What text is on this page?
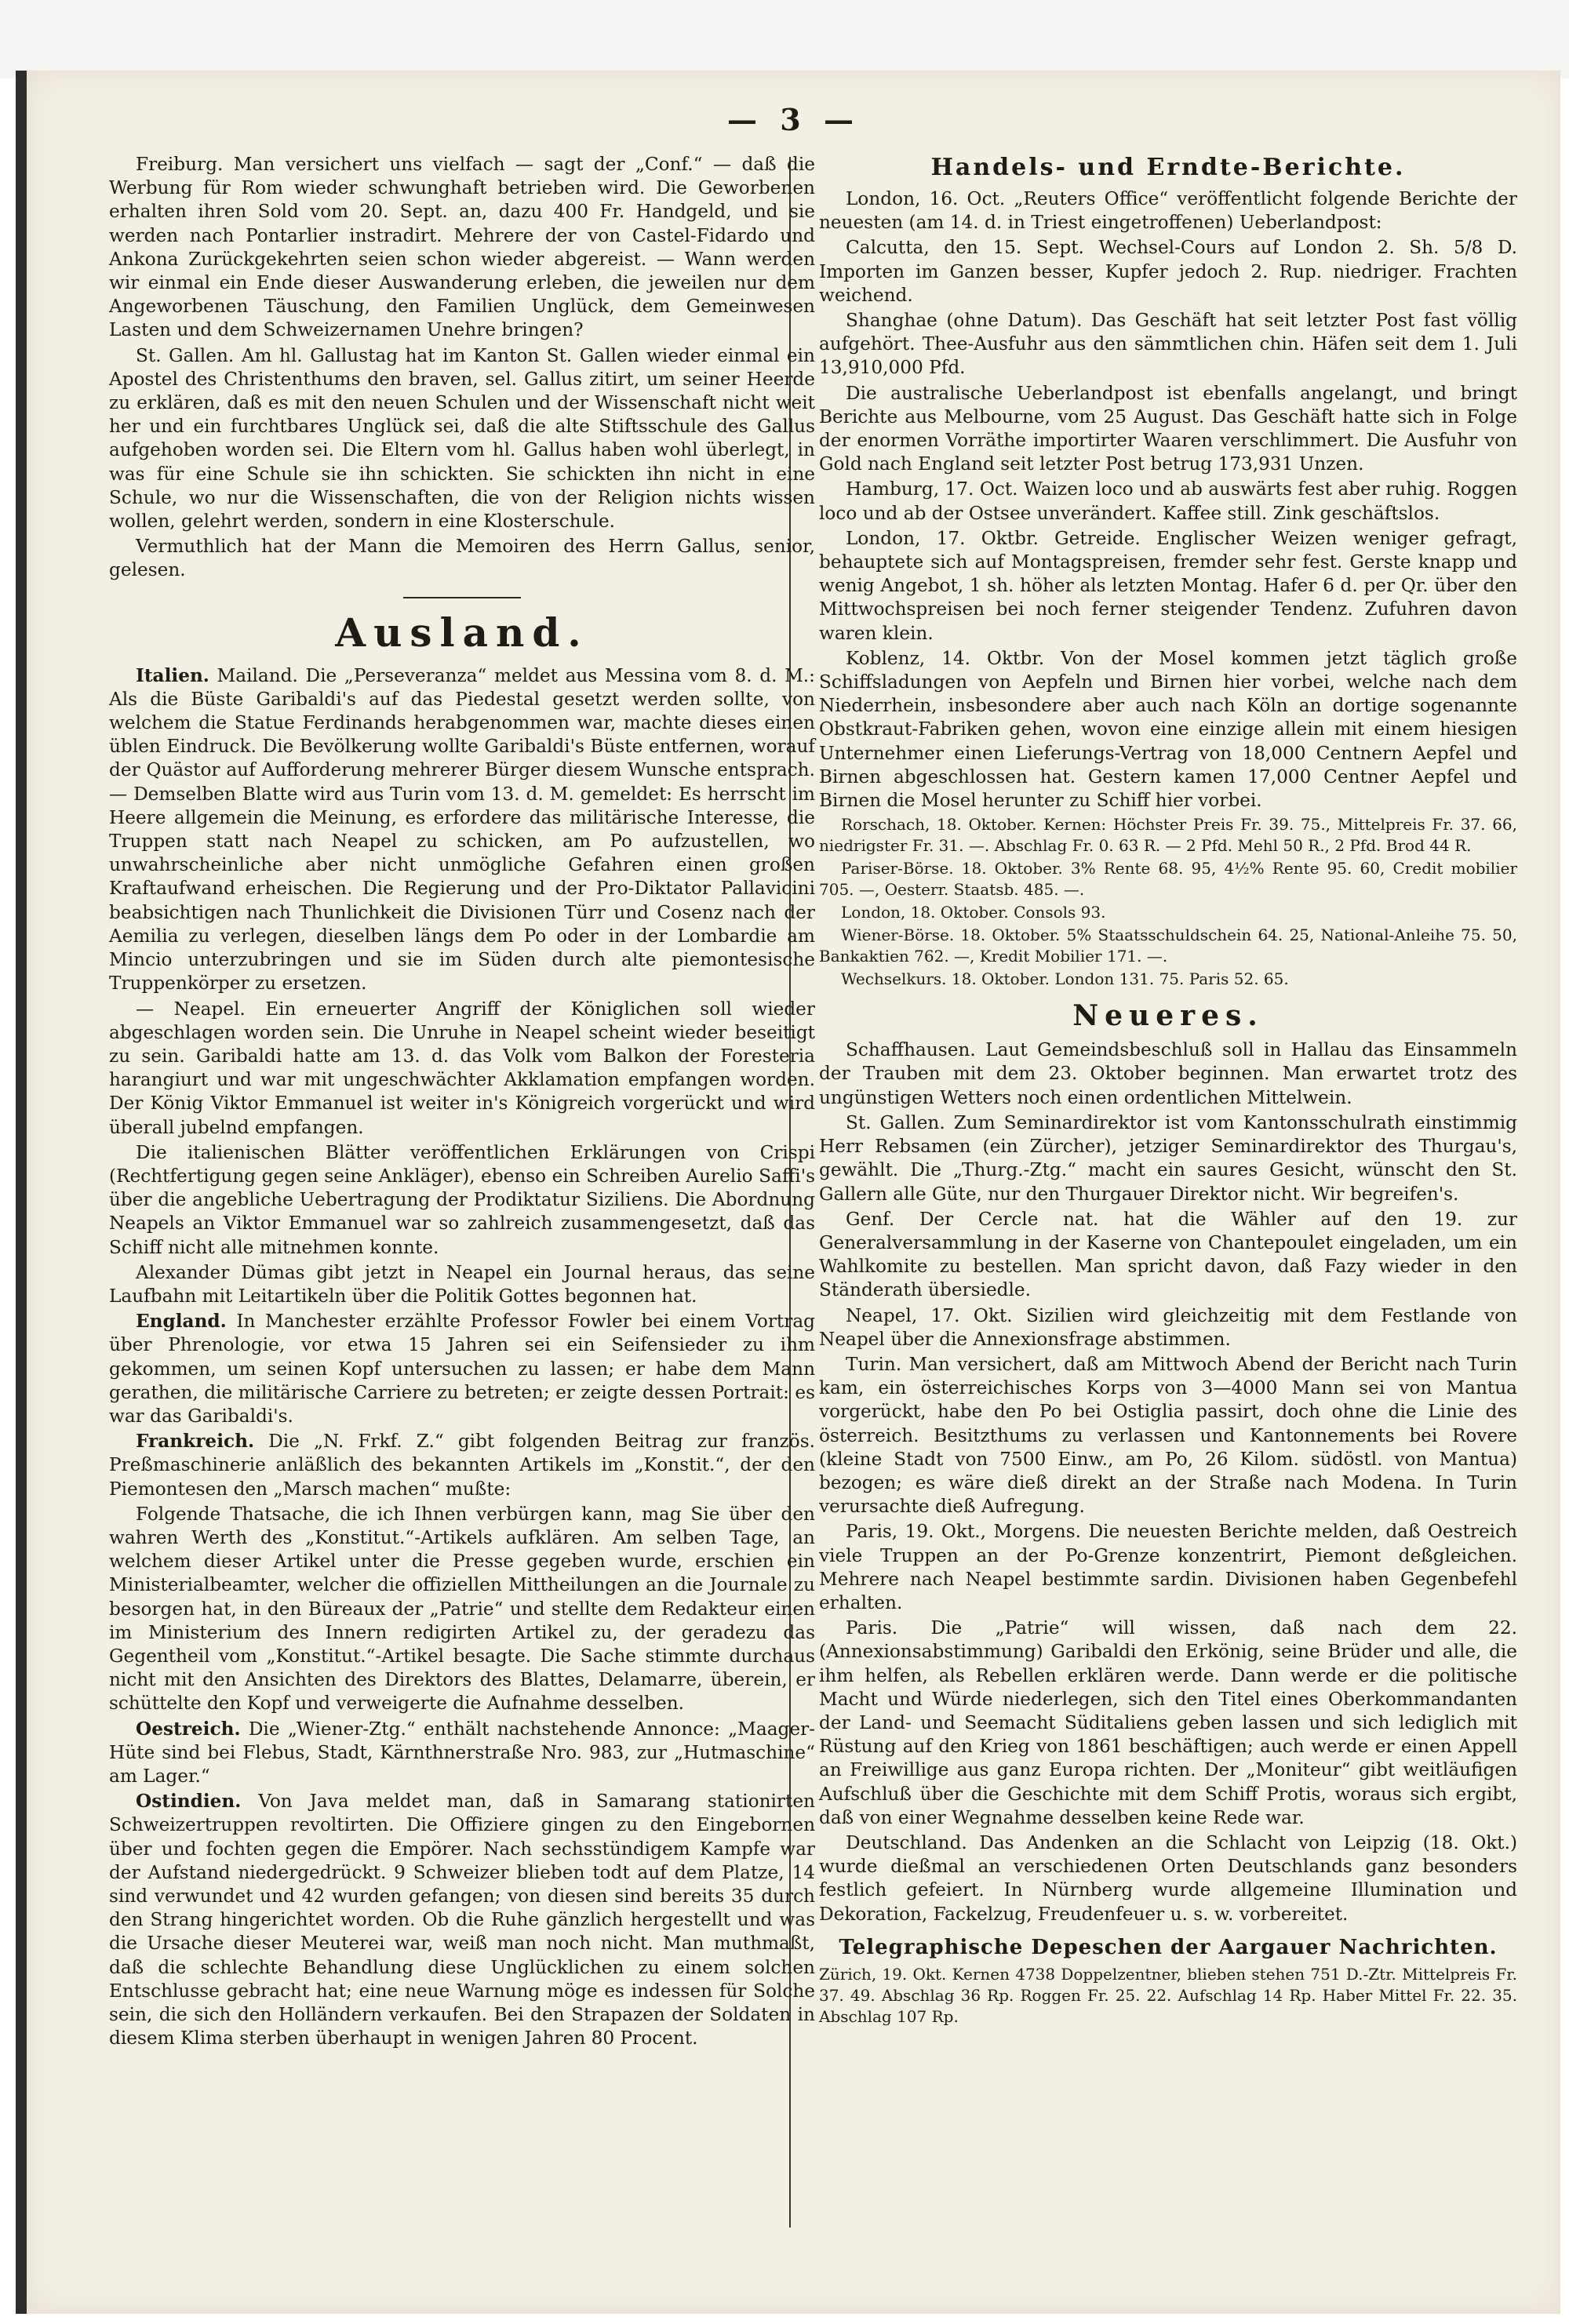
— 3 —

Freiburg. Man versichert uns vielfach — sagt der „Conf.“ — daß die Werbung für Rom wieder schwunghaft betrieben wird. Die Geworbenen erhalten ihren Sold vom 20. Sept. an, dazu 400 Fr. Handgeld, und sie werden nach Pontarlier instradirt. Mehrere der von Castel-Fidardo und Ankona Zurückgekehrten seien schon wieder abgereist. — Wann werden wir einmal ein Ende dieser Auswanderung erleben, die jeweilen nur dem Angeworbenen Täuschung, den Familien Unglück, dem Gemeinwesen Lasten und dem Schweizernamen Unehre bringen?

St. Gallen. Am hl. Gallustag hat im Kanton St. Gallen wieder einmal ein Apostel des Christenthums den braven, sel. Gallus zitirt, um seiner Heerde zu erklären, daß es mit den neuen Schulen und der Wissenschaft nicht weit her und ein furchtbares Unglück sei, daß die alte Stiftsschule des Gallus aufgehoben worden sei. Die Eltern vom hl. Gallus haben wohl überlegt, in was für eine Schule sie ihn schickten. Sie schickten ihn nicht in eine Schule, wo nur die Wissenschaften, die von der Religion nichts wissen wollen, gelehrt werden, sondern in eine Klosterschule.

Vermuthlich hat der Mann die Memoiren des Herrn Gallus, senior, gelesen.

Ausland.

Italien. Mailand. Die „Perseveranza“ meldet aus Messina vom 8. d. M.: Als die Büste Garibaldi's auf das Piedestal gesetzt werden sollte, von welchem die Statue Ferdinands herabgenommen war, machte dieses einen üblen Eindruck. Die Bevölkerung wollte Garibaldi's Büste entfernen, worauf der Quästor auf Aufforderung mehrerer Bürger diesem Wunsche entsprach. — Demselben Blatte wird aus Turin vom 13. d. M. gemeldet: Es herrscht im Heere allgemein die Meinung, es erfordere das militärische Interesse, die Truppen statt nach Neapel zu schicken, am Po aufzustellen, wo unwahrscheinliche aber nicht unmögliche Gefahren einen großen Kraftaufwand erheischen. Die Regierung und der Pro-Diktator Pallavicini beabsichtigen nach Thunlichkeit die Divisionen Türr und Cosenz nach der Aemilia zu verlegen, dieselben längs dem Po oder in der Lombardie am Mincio unterzubringen und sie im Süden durch alte piemontesische Truppenkörper zu ersetzen.

— Neapel. Ein erneuerter Angriff der Königlichen soll wieder abgeschlagen worden sein. Die Unruhe in Neapel scheint wieder beseitigt zu sein. Garibaldi hatte am 13. d. das Volk vom Balkon der Foresteria harangiurt und war mit ungeschwächter Akklamation empfangen worden. Der König Viktor Emmanuel ist weiter in's Königreich vorgerückt und wird überall jubelnd empfangen.

Die italienischen Blätter veröffentlichen Erklärungen von Crispi (Rechtfertigung gegen seine Ankläger), ebenso ein Schreiben Aurelio Saffi's über die angebliche Uebertragung der Prodiktatur Siziliens. Die Abordnung Neapels an Viktor Emmanuel war so zahlreich zusammengesetzt, daß das Schiff nicht alle mitnehmen konnte.

Alexander Dümas gibt jetzt in Neapel ein Journal heraus, das seine Laufbahn mit Leitartikeln über die Politik Gottes begonnen hat.

England. In Manchester erzählte Professor Fowler bei einem Vortrag über Phrenologie, vor etwa 15 Jahren sei ein Seifensieder zu ihm gekommen, um seinen Kopf untersuchen zu lassen; er habe dem Mann gerathen, die militärische Carriere zu betreten; er zeigte dessen Portrait: es war das Garibaldi's.

Frankreich. Die „N. Frkf. Z.“ gibt folgenden Beitrag zur französ. Preßmaschinerie anläßlich des bekannten Artikels im „Konstit.“, der den Piemontesen den „Marsch machen“ mußte:

Folgende Thatsache, die ich Ihnen verbürgen kann, mag Sie über den wahren Werth des „Konstitut.“-Artikels aufklären. Am selben Tage, an welchem dieser Artikel unter die Presse gegeben wurde, erschien ein Ministerialbeamter, welcher die offiziellen Mittheilungen an die Journale zu besorgen hat, in den Büreaux der „Patrie“ und stellte dem Redakteur einen im Ministerium des Innern redigirten Artikel zu, der geradezu das Gegentheil vom „Konstitut.“-Artikel besagte. Die Sache stimmte durchaus nicht mit den Ansichten des Direktors des Blattes, Delamarre, überein, er schüttelte den Kopf und verweigerte die Aufnahme desselben.

Oestreich. Die „Wiener-Ztg.“ enthält nachstehende Annonce: „Maager-Hüte sind bei Flebus, Stadt, Kärnthnerstraße Nro. 983, zur „Hutmaschine“ am Lager.“

Ostindien. Von Java meldet man, daß in Samarang stationirten Schweizertruppen revoltirten. Die Offiziere gingen zu den Eingebornen über und fochten gegen die Empörer. Nach sechsstündigem Kampfe war der Aufstand niedergedrückt. 9 Schweizer blieben todt auf dem Platze, 14 sind verwundet und 42 wurden gefangen; von diesen sind bereits 35 durch den Strang hingerichtet worden. Ob die Ruhe gänzlich hergestellt und was die Ursache dieser Meuterei war, weiß man noch nicht. Man muthmaßt, daß die schlechte Behandlung diese Unglücklichen zu einem solchen Entschlusse gebracht hat; eine neue Warnung möge es indessen für Solche sein, die sich den Holländern verkaufen. Bei den Strapazen der Soldaten in diesem Klima sterben überhaupt in wenigen Jahren 80 Procent.

Handels- und Erndte-Berichte.

London, 16. Oct. „Reuters Office“ veröffentlicht folgende Berichte der neuesten (am 14. d. in Triest eingetroffenen) Ueberlandpost:

Calcutta, den 15. Sept. Wechsel-Cours auf London 2. Sh. 5/8 D. Importen im Ganzen besser, Kupfer jedoch 2. Rup. niedriger. Frachten weichend.

Shanghae (ohne Datum). Das Geschäft hat seit letzter Post fast völlig aufgehört. Thee-Ausfuhr aus den sämmtlichen chin. Häfen seit dem 1. Juli 13,910,000 Pfd.

Die australische Ueberlandpost ist ebenfalls angelangt, und bringt Berichte aus Melbourne, vom 25 August. Das Geschäft hatte sich in Folge der enormen Vorräthe importirter Waaren verschlimmert. Die Ausfuhr von Gold nach England seit letzter Post betrug 173,931 Unzen.

Hamburg, 17. Oct. Waizen loco und ab auswärts fest aber ruhig. Roggen loco und ab der Ostsee unverändert. Kaffee still. Zink geschäftslos.

London, 17. Oktbr. Getreide. Englischer Weizen weniger gefragt, behauptete sich auf Montagspreisen, fremder sehr fest. Gerste knapp und wenig Angebot, 1 sh. höher als letzten Montag. Hafer 6 d. per Qr. über den Mittwochspreisen bei noch ferner steigender Tendenz. Zufuhren davon waren klein.

Koblenz, 14. Oktbr. Von der Mosel kommen jetzt täglich große Schiffsladungen von Aepfeln und Birnen hier vorbei, welche nach dem Niederrhein, insbesondere aber auch nach Köln an dortige sogenannte Obstkraut-Fabriken gehen, wovon eine einzige allein mit einem hiesigen Unternehmer einen Lieferungs-Vertrag von 18,000 Centnern Aepfel und Birnen abgeschlossen hat. Gestern kamen 17,000 Centner Aepfel und Birnen die Mosel herunter zu Schiff hier vorbei.

Rorschach, 18. Oktober. Kernen: Höchster Preis Fr. 39. 75., Mittelpreis Fr. 37. 66, niedrigster Fr. 31. —. Abschlag Fr. 0. 63 R. — 2 Pfd. Mehl 50 R., 2 Pfd. Brod 44 R.

Pariser-Börse. 18. Oktober. 3% Rente 68. 95, 4½% Rente 95. 60, Credit mobilier 705. —, Oesterr. Staatsb. 485. —.

London, 18. Oktober. Consols 93.

Wiener-Börse. 18. Oktober. 5% Staatsschuldschein 64. 25, National-Anleihe 75. 50, Bankaktien 762. —, Kredit Mobilier 171. —.

Wechselkurs. 18. Oktober. London 131. 75. Paris 52. 65.

Neueres.

Schaffhausen. Laut Gemeindsbeschluß soll in Hallau das Einsammeln der Trauben mit dem 23. Oktober beginnen. Man erwartet trotz des ungünstigen Wetters noch einen ordentlichen Mittelwein.

St. Gallen. Zum Seminardirektor ist vom Kantonsschulrath einstimmig Herr Rebsamen (ein Zürcher), jetziger Seminardirektor des Thurgau's, gewählt. Die „Thurg.-Ztg.“ macht ein saures Gesicht, wünscht den St. Gallern alle Güte, nur den Thurgauer Direktor nicht. Wir begreifen's.

Genf. Der Cercle nat. hat die Wähler auf den 19. zur Generalversammlung in der Kaserne von Chantepoulet eingeladen, um ein Wahlkomite zu bestellen. Man spricht davon, daß Fazy wieder in den Ständerath übersiedle.

Neapel, 17. Okt. Sizilien wird gleichzeitig mit dem Festlande von Neapel über die Annexionsfrage abstimmen.

Turin. Man versichert, daß am Mittwoch Abend der Bericht nach Turin kam, ein österreichisches Korps von 3—4000 Mann sei von Mantua vorgerückt, habe den Po bei Ostiglia passirt, doch ohne die Linie des österreich. Besitzthums zu verlassen und Kantonnements bei Rovere (kleine Stadt von 7500 Einw., am Po, 26 Kilom. südöstl. von Mantua) bezogen; es wäre dieß direkt an der Straße nach Modena. In Turin verursachte dieß Aufregung.

Paris, 19. Okt., Morgens. Die neuesten Berichte melden, daß Oestreich viele Truppen an der Po-Grenze konzentrirt, Piemont deßgleichen. Mehrere nach Neapel bestimmte sardin. Divisionen haben Gegenbefehl erhalten.

Paris. Die „Patrie“ will wissen, daß nach dem 22. (Annexionsabstimmung) Garibaldi den Erkönig, seine Brüder und alle, die ihm helfen, als Rebellen erklären werde. Dann werde er die politische Macht und Würde niederlegen, sich den Titel eines Oberkommandanten der Land- und Seemacht Süditaliens geben lassen und sich lediglich mit Rüstung auf den Krieg von 1861 beschäftigen; auch werde er einen Appell an Freiwillige aus ganz Europa richten. Der „Moniteur“ gibt weitläufigen Aufschluß über die Geschichte mit dem Schiff Protis, woraus sich ergibt, daß von einer Wegnahme desselben keine Rede war.

Deutschland. Das Andenken an die Schlacht von Leipzig (18. Okt.) wurde dießmal an verschiedenen Orten Deutschlands ganz besonders festlich gefeiert. In Nürnberg wurde allgemeine Illumination und Dekoration, Fackelzug, Freudenfeuer u. s. w. vorbereitet.

Telegraphische Depeschen der Aargauer Nachrichten.

Zürich, 19. Okt. Kernen 4738 Doppelzentner, blieben stehen 751 D.-Ztr. Mittelpreis Fr. 37. 49. Abschlag 36 Rp. Roggen Fr. 25. 22. Aufschlag 14 Rp. Haber Mittel Fr. 22. 35. Abschlag 107 Rp.
